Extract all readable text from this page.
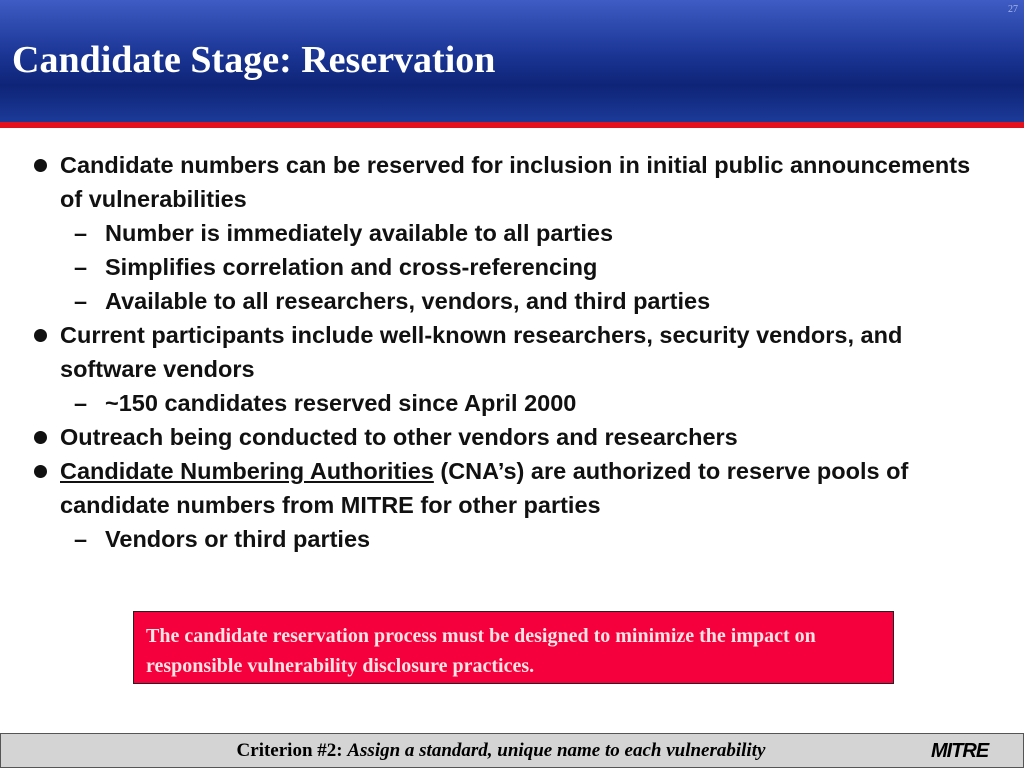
27
Candidate Stage: Reservation
Candidate numbers can be reserved for inclusion in initial public announcements of vulnerabilities
– Number is immediately available to all parties
– Simplifies correlation and cross-referencing
– Available to all researchers, vendors, and third parties
Current participants include well-known researchers, security vendors, and software vendors
– ~150 candidates reserved since April 2000
Outreach being conducted to other vendors and researchers
Candidate Numbering Authorities (CNA’s) are authorized to reserve pools of candidate numbers from MITRE for other parties
– Vendors or third parties
The candidate reservation process must be designed to minimize the impact on responsible vulnerability disclosure practices.
Criterion #2: Assign a standard, unique name to each vulnerability	MITRE
